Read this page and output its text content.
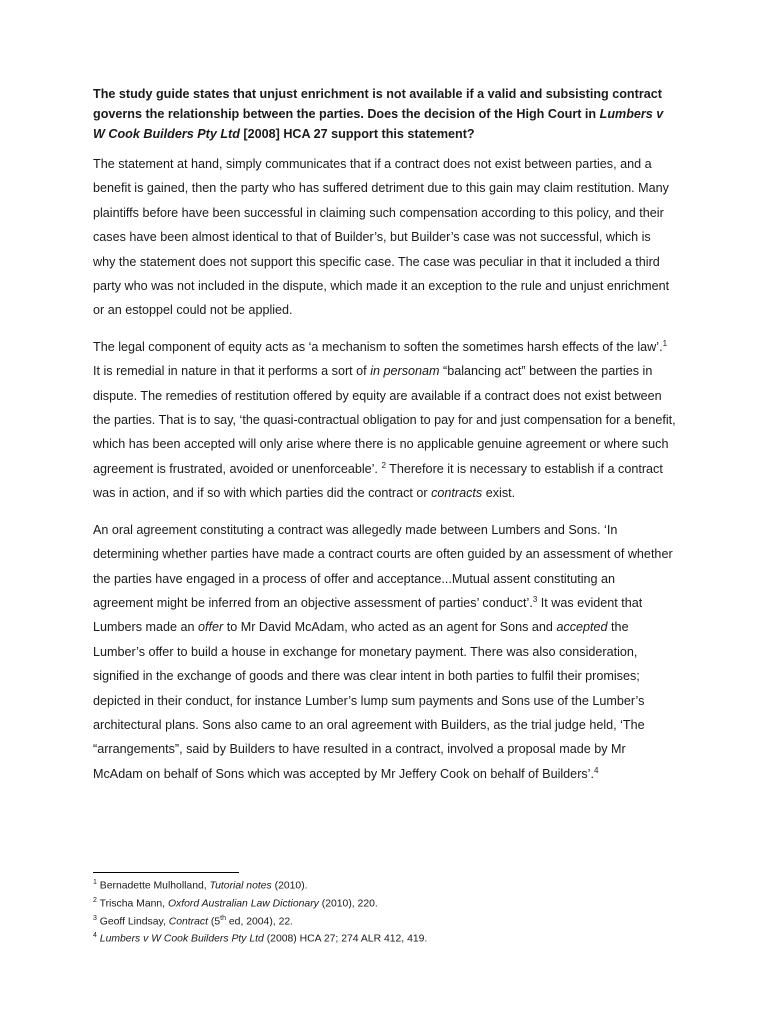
The study guide states that unjust enrichment is not available if a valid and subsisting contract governs the relationship between the parties. Does the decision of the High Court in Lumbers v W Cook Builders Pty Ltd [2008] HCA 27 support this statement?

The statement at hand, simply communicates that if a contract does not exist between parties, and a benefit is gained, then the party who has suffered detriment due to this gain may claim restitution. Many plaintiffs before have been successful in claiming such compensation according to this policy, and their cases have been almost identical to that of Builder’s, but Builder’s case was not successful, which is why the statement does not support this specific case. The case was peculiar in that it included a third party who was not included in the dispute, which made it an exception to the rule and unjust enrichment or an estoppel could not be applied.

The legal component of equity acts as ‘a mechanism to soften the sometimes harsh effects of the law’.$^1$ It is remedial in nature in that it performs a sort of in personam “balancing act” between the parties in dispute. The remedies of restitution offered by equity are available if a contract does not exist between the parties. That is to say, ‘the quasi-contractual obligation to pay for and just compensation for a benefit, which has been accepted will only arise where there is no applicable genuine agreement or where such agreement is frustrated, avoided or unenforceable’. $^2$ Therefore it is necessary to establish if a contract was in action, and if so with which parties did the contract or contracts exist.

An oral agreement constituting a contract was allegedly made between Lumbers and Sons. ‘In determining whether parties have made a contract courts are often guided by an assessment of whether the parties have engaged in a process of offer and acceptance...Mutual assent constituting an agreement might be inferred from an objective assessment of parties’ conduct’.$^3$ It was evident that Lumbers made an offer to Mr David McAdam, who acted as an agent for Sons and accepted the Lumber’s offer to build a house in exchange for monetary payment. There was also consideration, signified in the exchange of goods and there was clear intent in both parties to fulfil their promises; depicted in their conduct, for instance Lumber’s lump sum payments and Sons use of the Lumber’s architectural plans. Sons also came to an oral agreement with Builders, as the trial judge held, ‘The “arrangements”, said by Builders to have resulted in a contract, involved a proposal made by Mr McAdam on behalf of Sons which was accepted by Mr Jeffery Cook on behalf of Builders’.$^4$

$^1$ Bernadette Mulholland, Tutorial notes (2010).
$^2$ Trischa Mann, Oxford Australian Law Dictionary (2010), 220.
$^3$ Geoff Lindsay, Contract (5th ed, 2004), 22.
$^4$ Lumbers v W Cook Builders Pty Ltd (2008) HCA 27; 274 ALR 412, 419.
